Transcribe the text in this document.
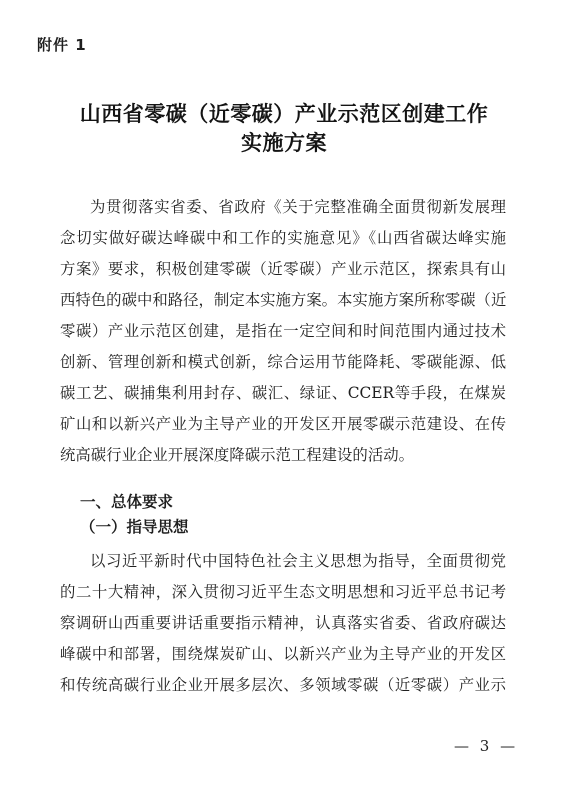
附件 1
山西省零碳（近零碳）产业示范区创建工作
实施方案
为贯彻落实省委、省政府《关于完整准确全面贯彻新发展理
念切实做好碳达峰碳中和工作的实施意见》《山西省碳达峰实施
方案》要求，积极创建零碳（近零碳）产业示范区，探索具有山
西特色的碳中和路径，制定本实施方案。本实施方案所称零碳（近
零碳）产业示范区创建，是指在一定空间和时间范围内通过技术
创新、管理创新和模式创新，综合运用节能降耗、零碳能源、低
碳工艺、碳捕集利用封存、碳汇、绿证、CCER等手段，在煤炭
矿山和以新兴产业为主导产业的开发区开展零碳示范建设、在传
统高碳行业企业开展深度降碳示范工程建设的活动。
一、总体要求
（一）指导思想
以习近平新时代中国特色社会主义思想为指导，全面贯彻党
的二十大精神，深入贯彻习近平生态文明思想和习近平总书记考
察调研山西重要讲话重要指示精神，认真落实省委、省政府碳达
峰碳中和部署，围绕煤炭矿山、以新兴产业为主导产业的开发区
和传统高碳行业企业开展多层次、多领域零碳（近零碳）产业示
— 3 —
